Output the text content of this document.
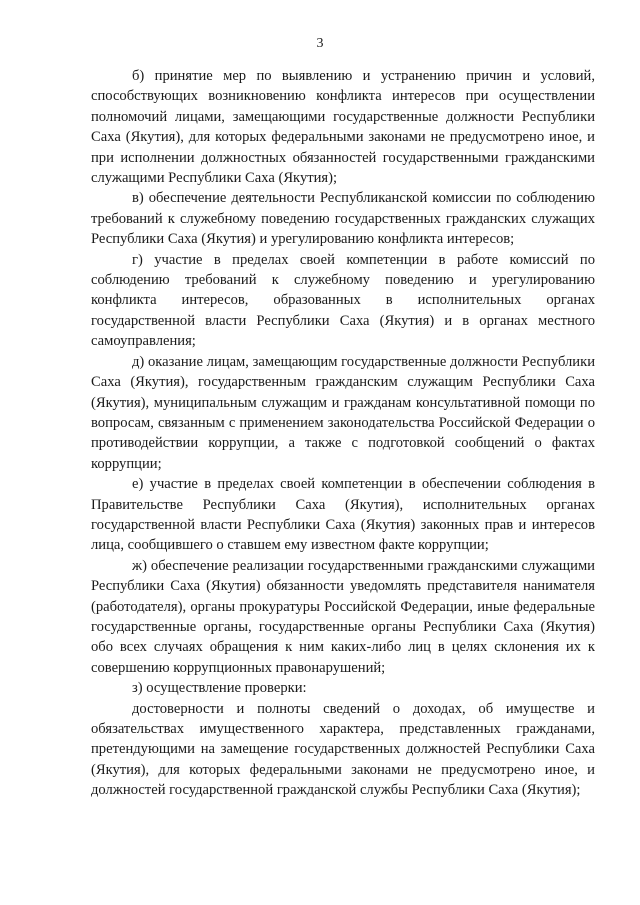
3

б) принятие мер по выявлению и устранению причин и условий, способствующих возникновению конфликта интересов при осуществлении полномочий лицами, замещающими государственные должности Республики Саха (Якутия), для которых федеральными законами не предусмотрено иное, и при исполнении должностных обязанностей государственными гражданскими служащими Республики Саха (Якутия);

в) обеспечение деятельности Республиканской комиссии по соблюдению требований к служебному поведению государственных гражданских служащих Республики Саха (Якутия) и урегулированию конфликта интересов;

г) участие в пределах своей компетенции в работе комиссий по соблюдению требований к служебному поведению и урегулированию конфликта интересов, образованных в исполнительных органах государственной власти Республики Саха (Якутия) и в органах местного самоуправления;

д) оказание лицам, замещающим государственные должности Республики Саха (Якутия), государственным гражданским служащим Республики Саха (Якутия), муниципальным служащим и гражданам консультативной помощи по вопросам, связанным с применением законодательства Российской Федерации о противодействии коррупции, а также с подготовкой сообщений о фактах коррупции;

е) участие в пределах своей компетенции в обеспечении соблюдения в Правительстве Республики Саха (Якутия), исполнительных органах государственной власти Республики Саха (Якутия) законных прав и интересов лица, сообщившего о ставшем ему известном факте коррупции;

ж) обеспечение реализации государственными гражданскими служащими Республики Саха (Якутия) обязанности уведомлять представителя нанимателя (работодателя), органы прокуратуры Российской Федерации, иные федеральные государственные органы, государственные органы Республики Саха (Якутия) обо всех случаях обращения к ним каких-либо лиц в целях склонения их к совершению коррупционных правонарушений;

з) осуществление проверки:

достоверности и полноты сведений о доходах, об имуществе и обязательствах имущественного характера, представленных гражданами, претендующими на замещение государственных должностей Республики Саха (Якутия), для которых федеральными законами не предусмотрено иное, и должностей государственной гражданской службы Республики Саха (Якутия);
